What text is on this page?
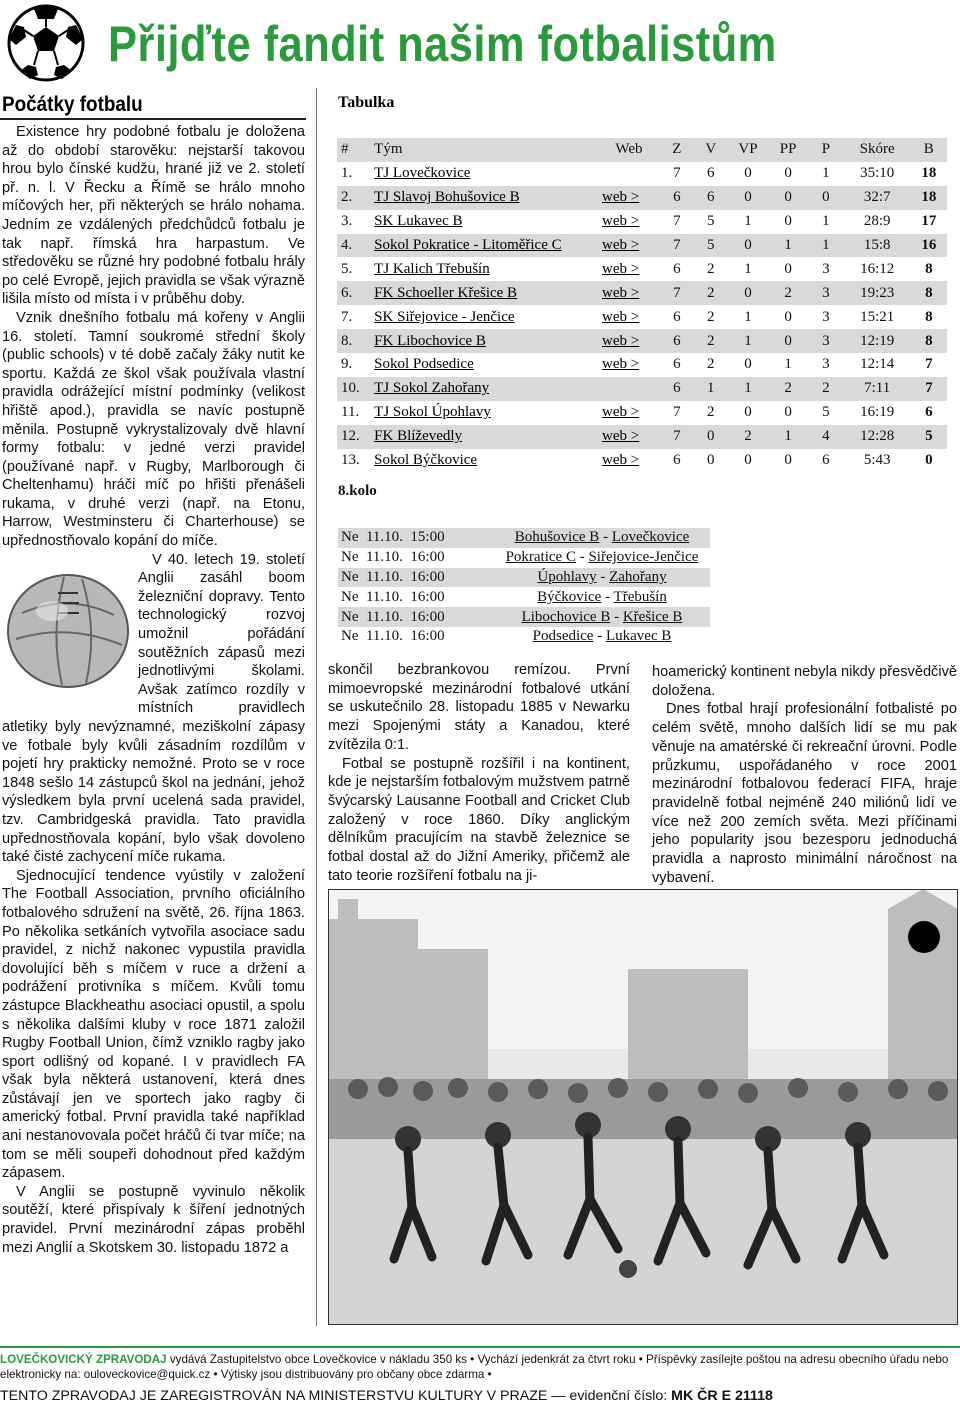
Přijďte fandit našim fotbalistům
Počátky fotbalu

Existence hry podobné fotbalu je doložena až do období starověku: nejstarší takovou hrou bylo čínské kudžu, hrané již ve 2. století př. n. l. V Řecku a Římě se hrálo mnoho míčových her, při některých se hrálo nohama. Jedním ze vzdálených předchůdců fotbalu je tak např. římská hra harpastum. Ve středověku se různé hry podobné fotbalu hrály po celé Evropě, jejich pravidla se však výrazně lišila místo od místa i v průběhu doby.

Vznik dnešního fotbalu má kořeny v Anglii 16. století. Tamní soukromé střední školy (public schools) v té době začaly žáky nutit ke sportu. Každá ze škol však používala vlastní pravidla odrážející místní podmínky (velikost hřiště apod.), pravidla se navíc postupně měnila. Postupně vykrystalizovaly dvě hlavní formy fotbalu: v jedné verzi pravidel (používané např. v Rugby, Marlborough či Cheltenhamu) hráči míč po hřišti přenášeli rukama, v druhé verzi (např. na Etonu, Harrow, Westminsteru či Charterhouse) se upřednostňovalo kopání do míče.

V 40. letech 19. století Anglii zasáhl boom železniční dopravy. Tento technologický rozvoj umožnil pořádání soutěžních zápasů mezi jednotlivými školami. Avšak zatímco rozdíly v místních pravidlech atletiky byly nevýznamné, meziškolní zápasy ve fotbale byly kvůli zásadním rozdílům v pojetí hry prakticky nemožné. Proto se v roce 1848 sešlo 14 zástupců škol na jednání, jehož výsledkem byla první ucelená sada pravidel, tzv. Cambridgeská pravidla. Tato pravidla upřednostňovala kopání, bylo však dovoleno také čisté zachycení míče rukama.

Sjednocující tendence vyústily v založení The Football Association, prvního oficiálního fotbalového sdružení na světě, 26. října 1863. Po několika setkáních vytvořila asociace sadu pravidel, z nichž nakonec vypustila pravidla dovolující běh s míčem v ruce a držení a podrážení protivníka s míčem. Kvůli tomu zástupce Blackheathu asociaci opustil, a spolu s několika dalšími kluby v roce 1871 založil Rugby Football Union, čímž vzniklo ragby jako sport odlišný od kopané. I v pravidlech FA však byla některá ustanovení, která dnes zůstávají jen ve sportech jako ragby či americký fotbal. První pravidla také například ani nestanovovala počet hráčů či tvar míče; na tom se měli soupeři dohodnout před každým zápasem.

V Anglii se postupně vyvinulo několik soutěží, které přispívaly k šíření jednotných pravidel. První mezinárodní zápas proběhl mezi Anglií a Skotskem 30. listopadu 1872 a

Tabulka
#	Tým	Web	Z	V	VP	PP	P	Skóre	B
1.	TJ Lovečkovice		7	6	0	0	1	35:10	18
2.	TJ Slavoj Bohušovice B	web >	6	6	0	0	0	32:7	18
3.	SK Lukavec B	web >	7	5	1	0	1	28:9	17
4.	Sokol Pokratice - Litoměřice C	web >	7	5	0	1	1	15:8	16
5.	TJ Kalich Třebušín	web >	6	2	1	0	3	16:12	8
6.	FK Schoeller Křešice B	web >	7	2	0	2	3	19:23	8
7.	SK Siřejovice - Jenčice	web >	6	2	1	0	3	15:21	8
8.	FK Libochovice B	web >	6	2	1	0	3	12:19	8
9.	Sokol Podsedice	web >	6	2	0	1	3	12:14	7
10.	TJ Sokol Zahořany		6	1	1	2	2	7:11	7
11.	TJ Sokol Úpohlavy	web >	7	2	0	0	5	16:19	6
12.	FK Blíževedly	web >	7	0	2	1	4	12:28	5
13.	Sokol Býčkovice	web >	6	0	0	0	6	5:43	0
8.kolo
Ne  11.10.  15:00	Bohušovice B - Lovečkovice
Ne  11.10.  16:00	Pokratice C - Siřejovice-Jenčice
Ne  11.10.  16:00	Úpohlavy - Zahořany
Ne  11.10.  16:00	Býčkovice - Třebušín
Ne  11.10.  16:00	Libochovice B - Křešice B
Ne  11.10.  16:00	Podsedice - Lukavec B

skončil bezbrankovou remízou. První mimoevropské mezinárodní fotbalové utkání se uskutečnilo 28. listopadu 1885 v Newarku mezi Spojenými státy a Kanadou, které zvítězila 0:1.

Fotbal se postupně rozšířil i na kontinent, kde je nejstarším fotbalovým mužstvem patrně švýcarský Lausanne Football and Cricket Club založený v roce 1860. Díky anglickým dělníkům pracujícím na stavbě železnice se fotbal dostal až do Jižní Ameriky, přičemž ale tato teorie rozšíření fotbalu na ji-

hoamerický kontinent nebyla nikdy přesvědčivě doložena.

Dnes fotbal hrají profesionální fotbalisté po celém světě, mnoho dalších lidí se mu pak věnuje na amatérské či rekreační úrovni. Podle průzkumu, uspořádaného v roce 2001 mezinárodní fotbalovou federací FIFA, hraje pravidelně fotbal nejméně 240 miliónů lidí ve více než 200 zemích světa. Mezi příčinami jeho popularity jsou bezesporu jednoduchá pravidla a naprosto minimální náročnost na vybavení.

LOVEČKOVICKÝ ZPRAVODAJ vydává Zastupitelstvo obce Lovečkovice v nákladu 350 ks • Vychází jedenkrát za čtvrt roku • Příspěvky zasílejte poštou na adresu obecního úřadu nebo elektronicky na: ouloveckovice@quick.cz • Výtisky jsou distribuovány pro občany obce zdarma •
TENTO ZPRAVODAJ JE ZAREGISTROVÁN NA MINISTERSTVU KULTURY V PRAZE — evidenční číslo: MK ČR E 21118
